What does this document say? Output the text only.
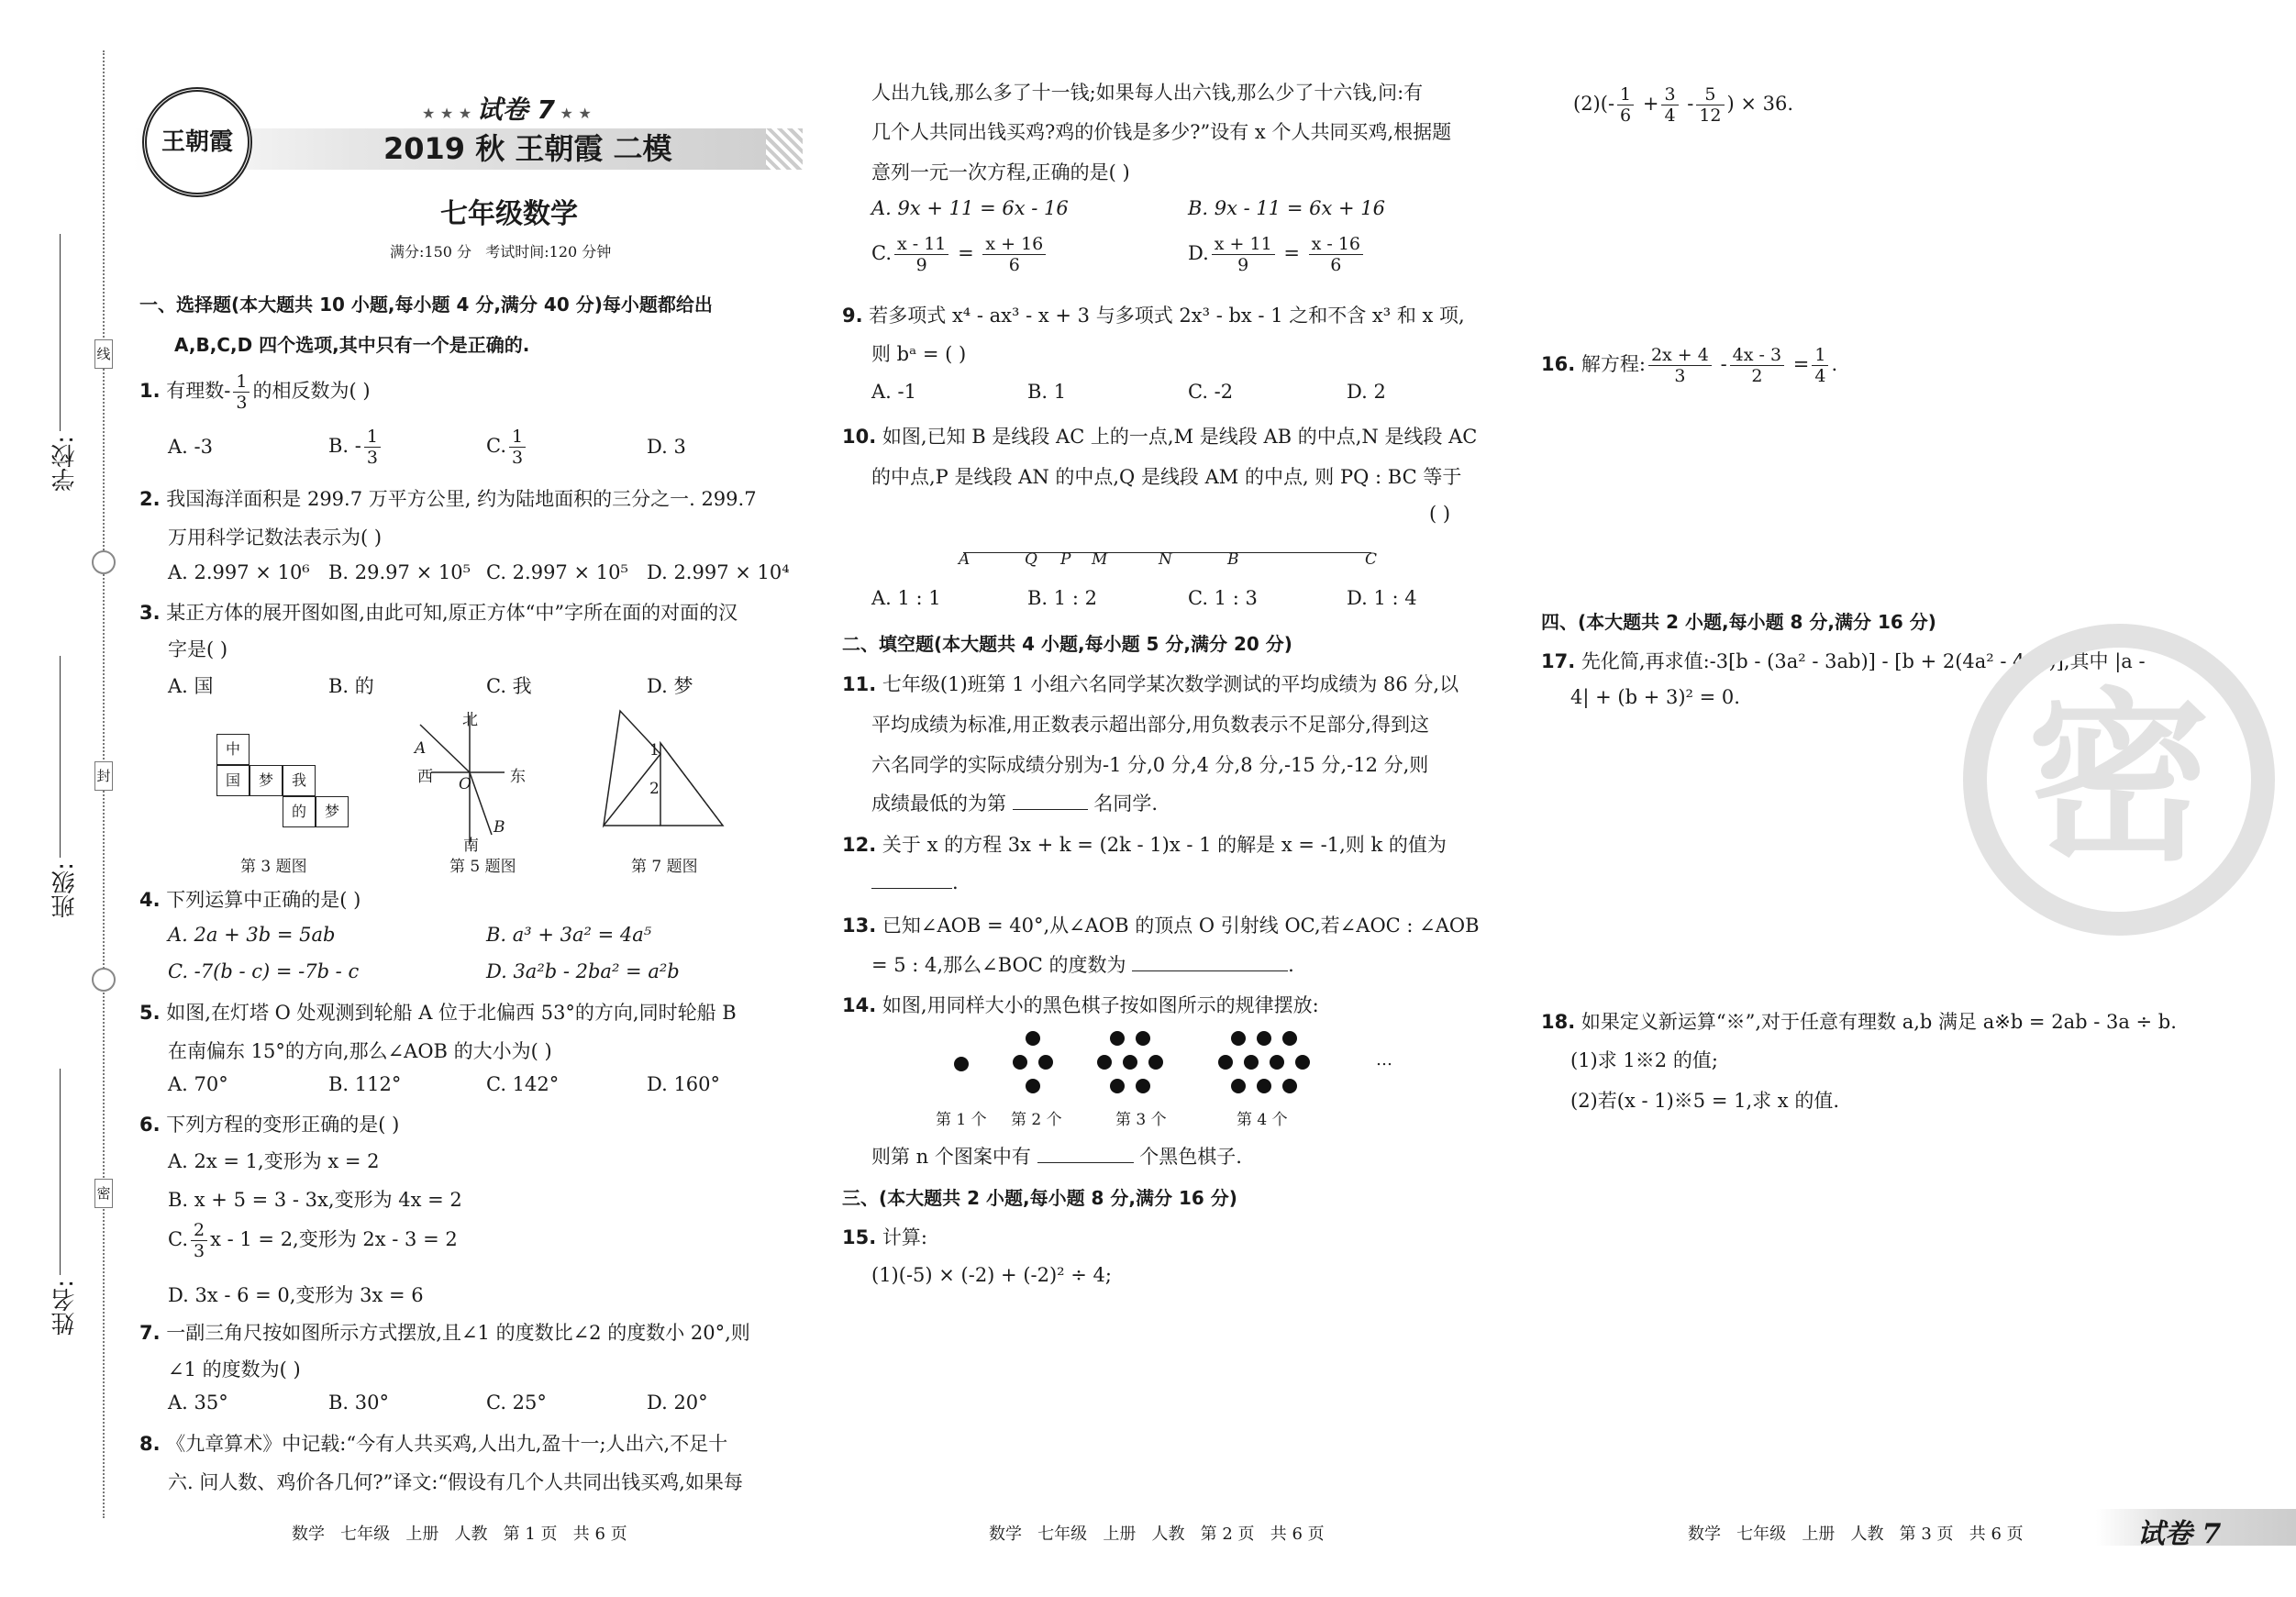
线
封
密
学校:
班级:
姓名:
王朝霞
★ ★ ★ 试卷 7 ★ ★
2019 秋 王朝霞 二模
七年级数学
满分:150 分   考试时间:120 分钟
一、选择题(本大题共 10 小题,每小题 4 分,满分 40 分)每小题都给出
A,B,C,D 四个选项,其中只有一个是正确的.
1. 有理数- $\frac{1}{3}$ 的相反数为( )
A. -3	B. - $\frac{1}{3}$	C. $\frac{1}{3}$	D. 3
2. 我国海洋面积是 299.7 万平方公里, 约为陆地面积的三分之一. 299.7
万用科学记数法表示为( )
A. 2.997 × 10⁶ B. 29.97 × 10⁵ C. 2.997 × 10⁵ D. 2.997 × 10⁴
3. 某正方体的展开图如图,由此可知,原正方体“中”字所在面的对面的汉
字是( )
A. 国	B. 的	C. 我	D. 梦
中
国	梦	我
的	梦
第 3 题图
北
西	东
南
A
O
B
第 5 题图
1
2
第 7 题图
4. 下列运算中正确的是( )
A. 2a + 3b = 5ab	B. a³ + 3a² = 4a⁵
C. -7(b - c) = -7b - c	D. 3a²b - 2ba² = a²b
5. 如图,在灯塔 O 处观测到轮船 A 位于北偏西 53°的方向,同时轮船 B
在南偏东 15°的方向,那么∠AOB 的大小为( )
A. 70°	B. 112°	C. 142°	D. 160°
6. 下列方程的变形正确的是( )
A. 2x = 1,变形为 x = 2
B. x + 5 = 3 - 3x,变形为 4x = 2
C. $\frac{2}{3}$ x - 1 = 2,变形为 2x - 3 = 2
D. 3x - 6 = 0,变形为 3x = 6
7. 一副三角尺按如图所示方式摆放,且∠1 的度数比∠2 的度数小 20°,则
∠1 的度数为( )
A. 35°	B. 30°	C. 25°	D. 20°
8. 《九章算术》中记载:“今有人共买鸡,人出九,盈十一;人出六,不足十
六. 问人数、鸡价各几何?”译文:“假设有几个人共同出钱买鸡,如果每
人出九钱,那么多了十一钱;如果每人出六钱,那么少了十六钱,问:有
几个人共同出钱买鸡?鸡的价钱是多少?”设有 x 个人共同买鸡,根据题
意列一元一次方程,正确的是( )
A. 9x + 11 = 6x - 16	B. 9x - 11 = 6x + 16
C. $\frac{x - 11}{9} = \frac{x + 16}{6}$	D. $\frac{x + 11}{9} = \frac{x - 16}{6}$
9. 若多项式 x⁴ - ax³ - x + 3 与多项式 2x³ - bx - 1 之和不含 x³ 和 x 项,
则 bᵃ = ( )
A. -1	B. 1	C. -2	D. 2
10. 如图,已知 B 是线段 AC 上的一点,M 是线段 AB 的中点,N 是线段 AC
的中点,P 是线段 AN 的中点,Q 是线段 AM 的中点, 则 PQ : BC 等于
( )
A	Q P M	N	B	C
A. 1 : 1	B. 1 : 2	C. 1 : 3	D. 1 : 4
二、填空题(本大题共 4 小题,每小题 5 分,满分 20 分)
11. 七年级(1)班第 1 小组六名同学某次数学测试的平均成绩为 86 分,以
平均成绩为标准,用正数表示超出部分,用负数表示不足部分,得到这
六名同学的实际成绩分别为-1 分,0 分,4 分,8 分,-15 分,-12 分,则
成绩最低的为第	名同学.
12. 关于 x 的方程 3x + k = (2k - 1)x - 1 的解是 x = -1,则 k 的值为
.
13. 已知∠AOB = 40°,从∠AOB 的顶点 O 引射线 OC,若∠AOC : ∠AOB
= 5 : 4,那么∠BOC 的度数为	.
14. 如图,用同样大小的黑色棋子按如图所示的规律摆放:
…
第 1 个 第 2 个	第 3 个	第 4 个
则第 n 个图案中有	个黑色棋子.
三、(本大题共 2 小题,每小题 8 分,满分 16 分)
15. 计算:
(1)(-5) × (-2) + (-2)² ÷ 4;
$(2)(- \frac{1}{6} + \frac{3}{4} - \frac{5}{12}$ ) × 36.
16. 解方程: $\frac{2x + 4}{3} - \frac{4x - 3}{2} = \frac{1}{4}$ .
四、(本大题共 2 小题,每小题 8 分,满分 16 分)
17. 先化简,再求值:-3[b - (3a² - 3ab)] - [b + 2(4a² - 4ab)],其中 |a -
4| + (b + 3)² = 0. 密
18. 如果定义新运算“※”,对于任意有理数 a,b 满足 a※b = 2ab - 3a ÷ b.
(1)求 1※2 的值;
(2)若(x - 1)※5 = 1,求 x 的值.
数学   七年级   上册   人教   第 1 页   共 6 页	数学   七年级   上册   人教   第 2 页   共 6 页	数学   七年级   上册   人教   第 3 页   共 6 页	试卷 7
